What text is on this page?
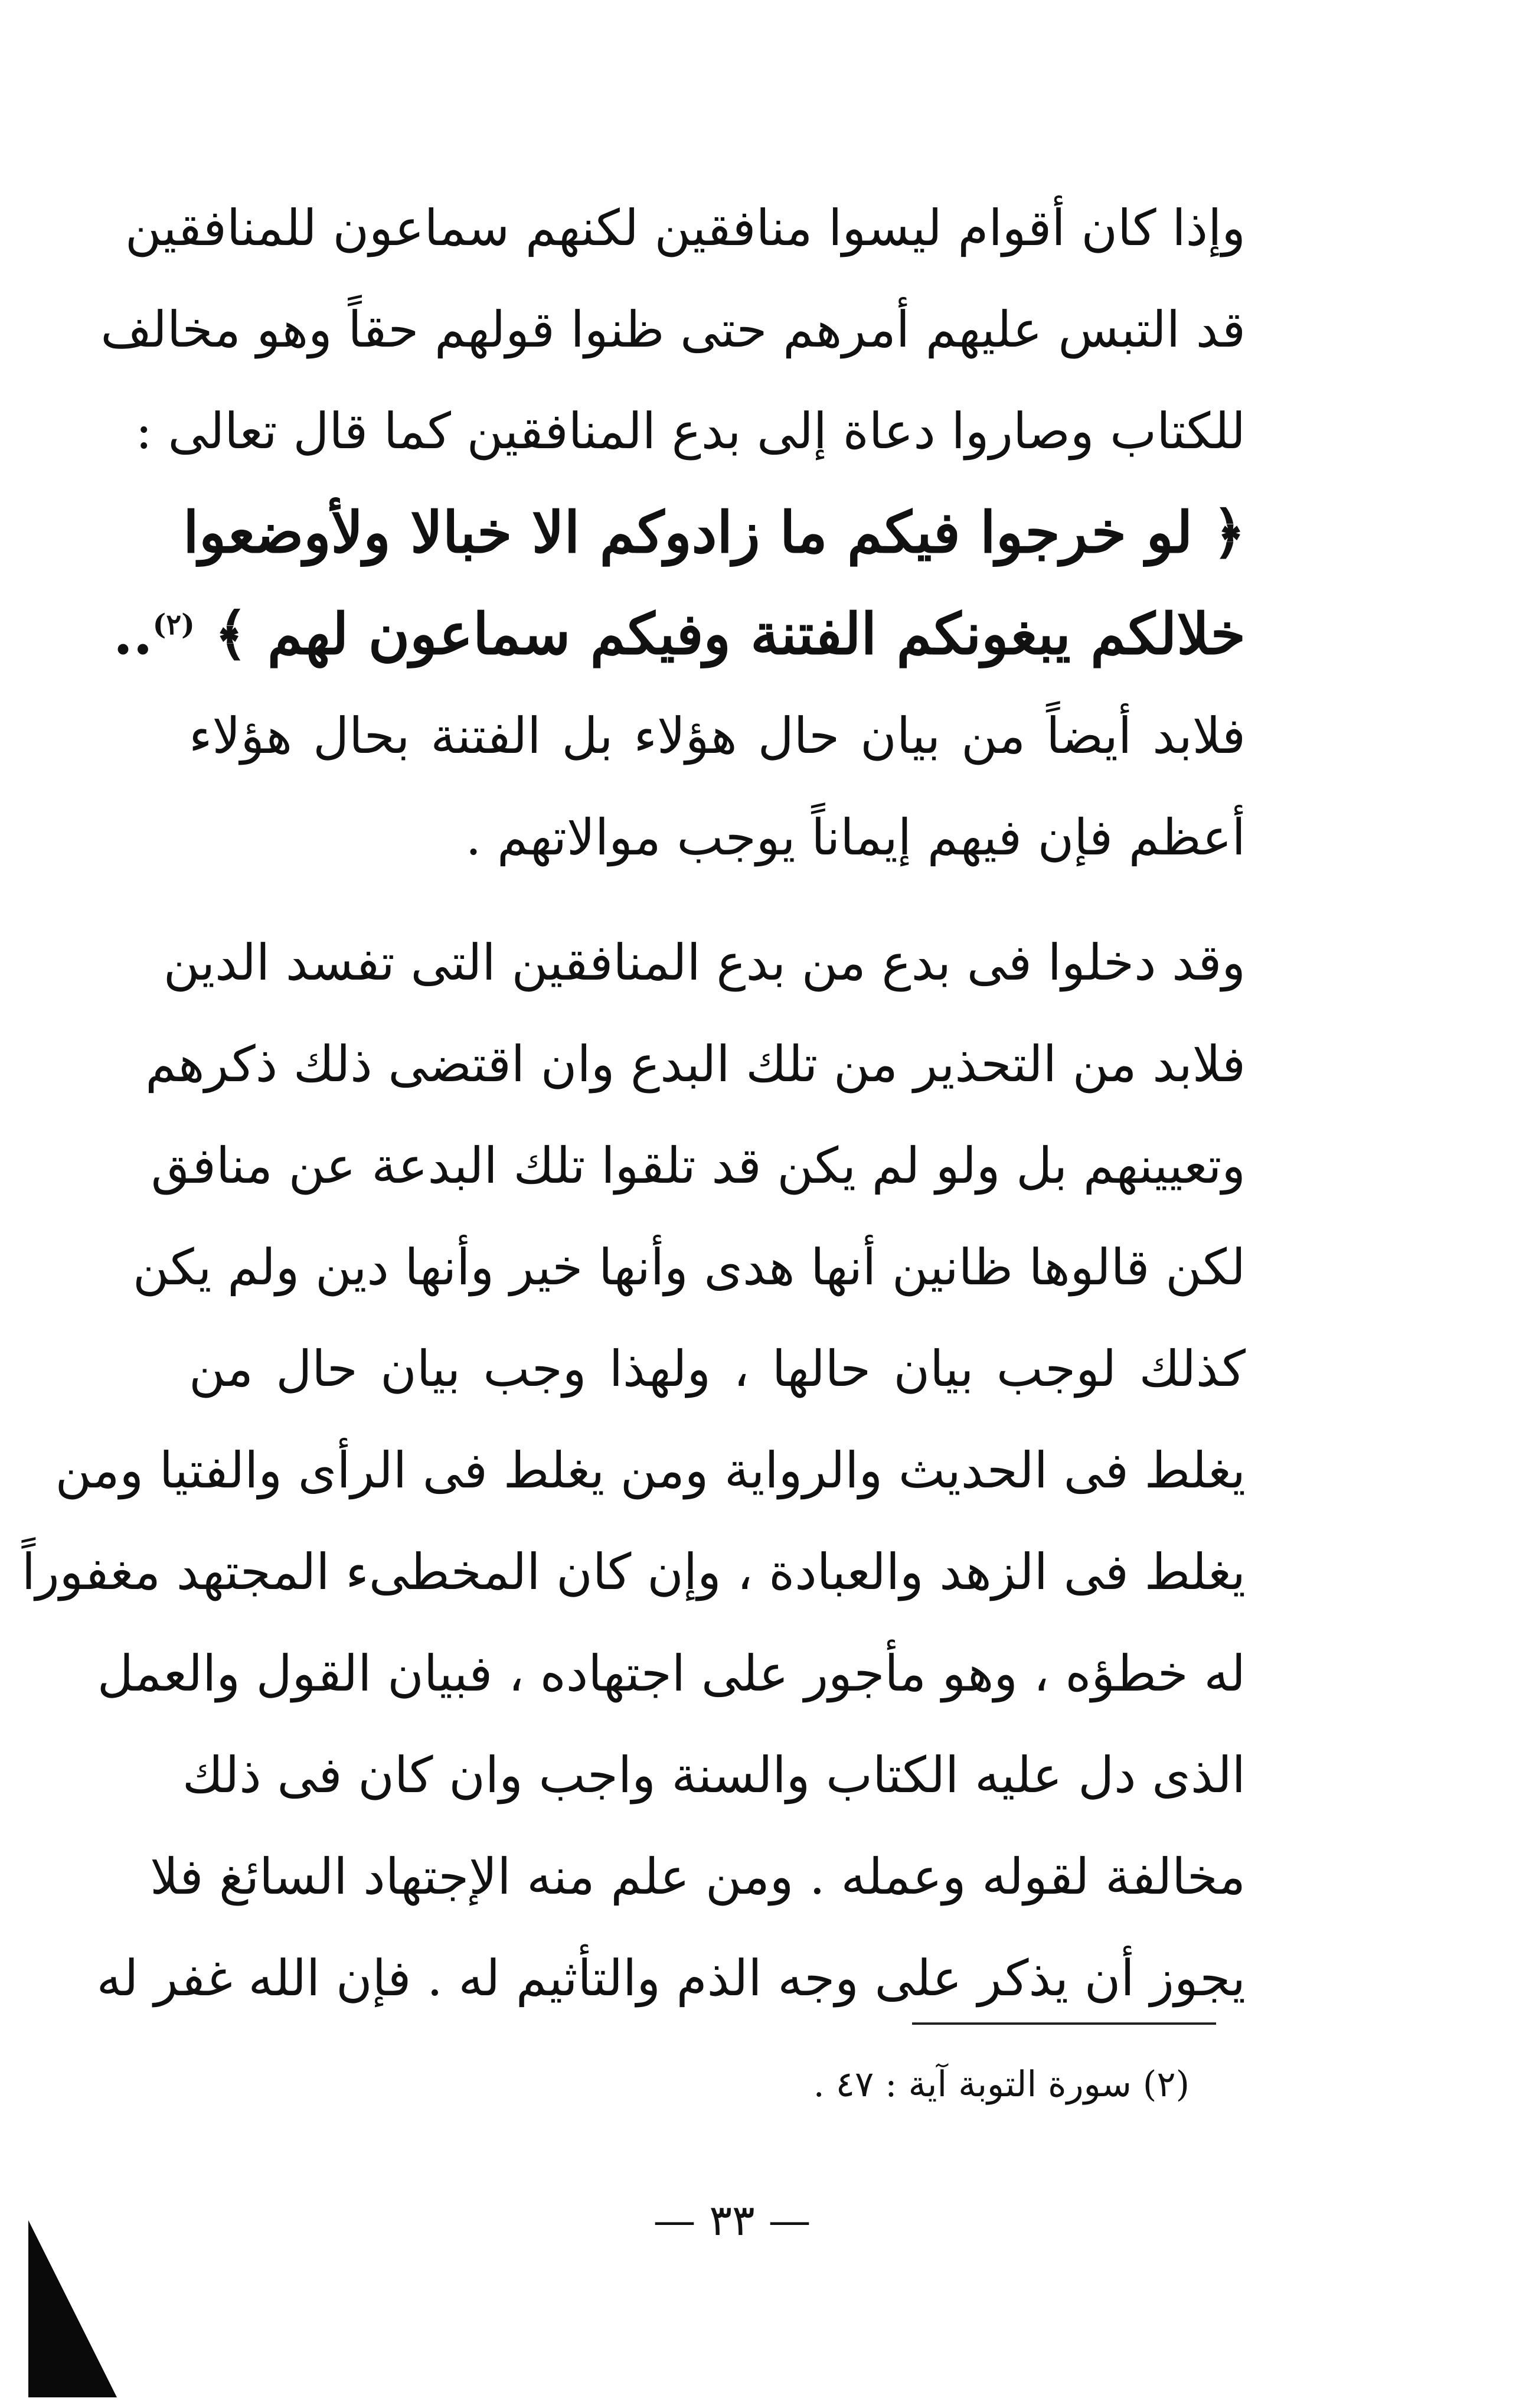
وإذا كان أقوام ليسوا منافقين لكنهم سماعون للمنافقين
قد التبس عليهم أمرهم حتى ظنوا قولهم حقاً وهو مخالف
للكتاب وصاروا دعاة إلى بدع المنافقين كما قال تعالى :
﴿ لو خرجوا فيكم ما زادوكم الا خبالا ولأوضعوا
خلالكم يبغونكم الفتنة وفيكم سماعون لهم ﴾ $^{(٢)}$..
فلابد أيضاً من بيان حال هؤلاء بل الفتنة بحال هؤلاء
أعظم فإن فيهم إيماناً يوجب موالاتهم .
وقد دخلوا فى بدع من بدع المنافقين التى تفسد الدين
فلابد من التحذير من تلك البدع وان اقتضى ذلك ذكرهم
وتعيينهم بل ولو لم يكن قد تلقوا تلك البدعة عن منافق
لكن قالوها ظانين أنها هدى وأنها خير وأنها دين ولم يكن
كذلك لوجب بيان حالها ، ولهذا وجب بيان حال من
يغلط فى الحديث والرواية ومن يغلط فى الرأى والفتيا ومن
يغلط فى الزهد والعبادة ، وإن كان المخطىء المجتهد مغفوراً
له خطؤه ، وهو مأجور على اجتهاده ، فبيان القول والعمل
الذى دل عليه الكتاب والسنة واجب وان كان فى ذلك
مخالفة لقوله وعمله . ومن علم منه الإجتهاد السائغ فلا
يجوز أن يذكر على وجه الذم والتأثيم له . فإن الله غفر له
(٢) سورة التوبة آية : ٤٧ .
— ٣٣ —
